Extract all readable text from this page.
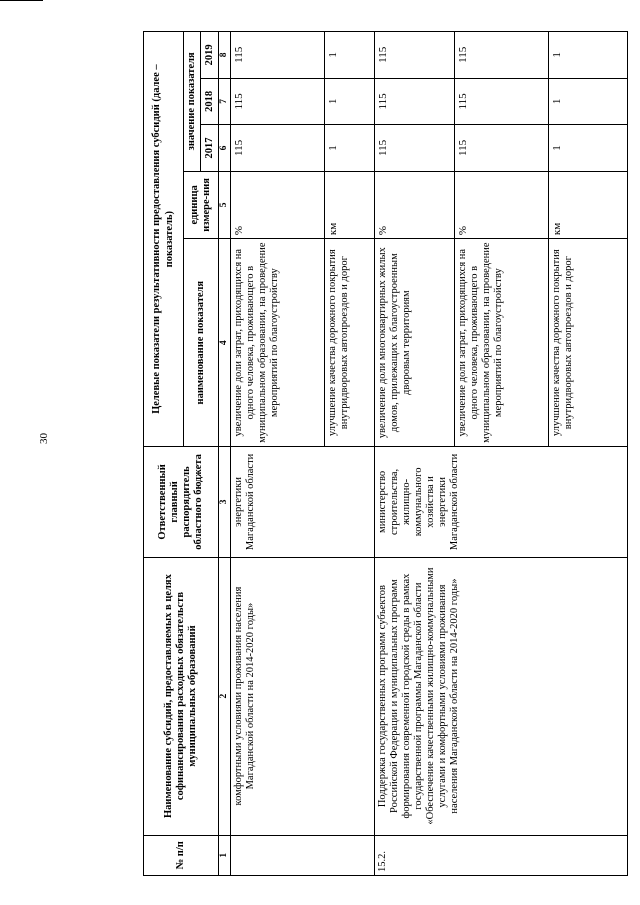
30
№ п/п	Наименование субсидий, предоставляемых в целях софинансирования расходных обязательств муниципальных образований	Ответственный главный распорядитель областного бюджета	Целевые показатели результативности предоставления субсидий (далее – показатель)				
			наименование показателя	единица измере-ния	значение показателя		
					2017	2018	2019
1	2	3	4	5	6	7	8
	комфортными условиями проживания населения Магаданской области на 2014-2020 годы»	энергетики Магаданской области	увеличение доли затрат, приходящихся на одного человека, проживающего в муниципальном образовании, на проведение мероприятий по благоустройству	%	115	115	115
			улучшение качества дорожного покрытия внутридворовых автопроездов и дорог	км	1	1	1
15.2.	Поддержка государственных программ субъектов Российской Федерации и муниципальных программ формирования современной городской среды в рамках государственной программы Магаданской области «Обеспечение качественными жилищно-коммунальными услугами и комфортными условиями проживания населения Магаданской области на 2014-2020 годы»	министерство строительства, жилищно-коммунального хозяйства и энергетики Магаданской области	увеличение доли многоквартирных жилых домов, прилежащих к благоустроенным дворовым территориям	%	115	115	115
			увеличение доли затрат, приходящихся на одного человека, проживающего в муниципальном образовании, на проведение мероприятий по благоустройству	%	115	115	115
			улучшение качества дорожного покрытия внутридворовых автопроездов и дорог	км	1	1	1
